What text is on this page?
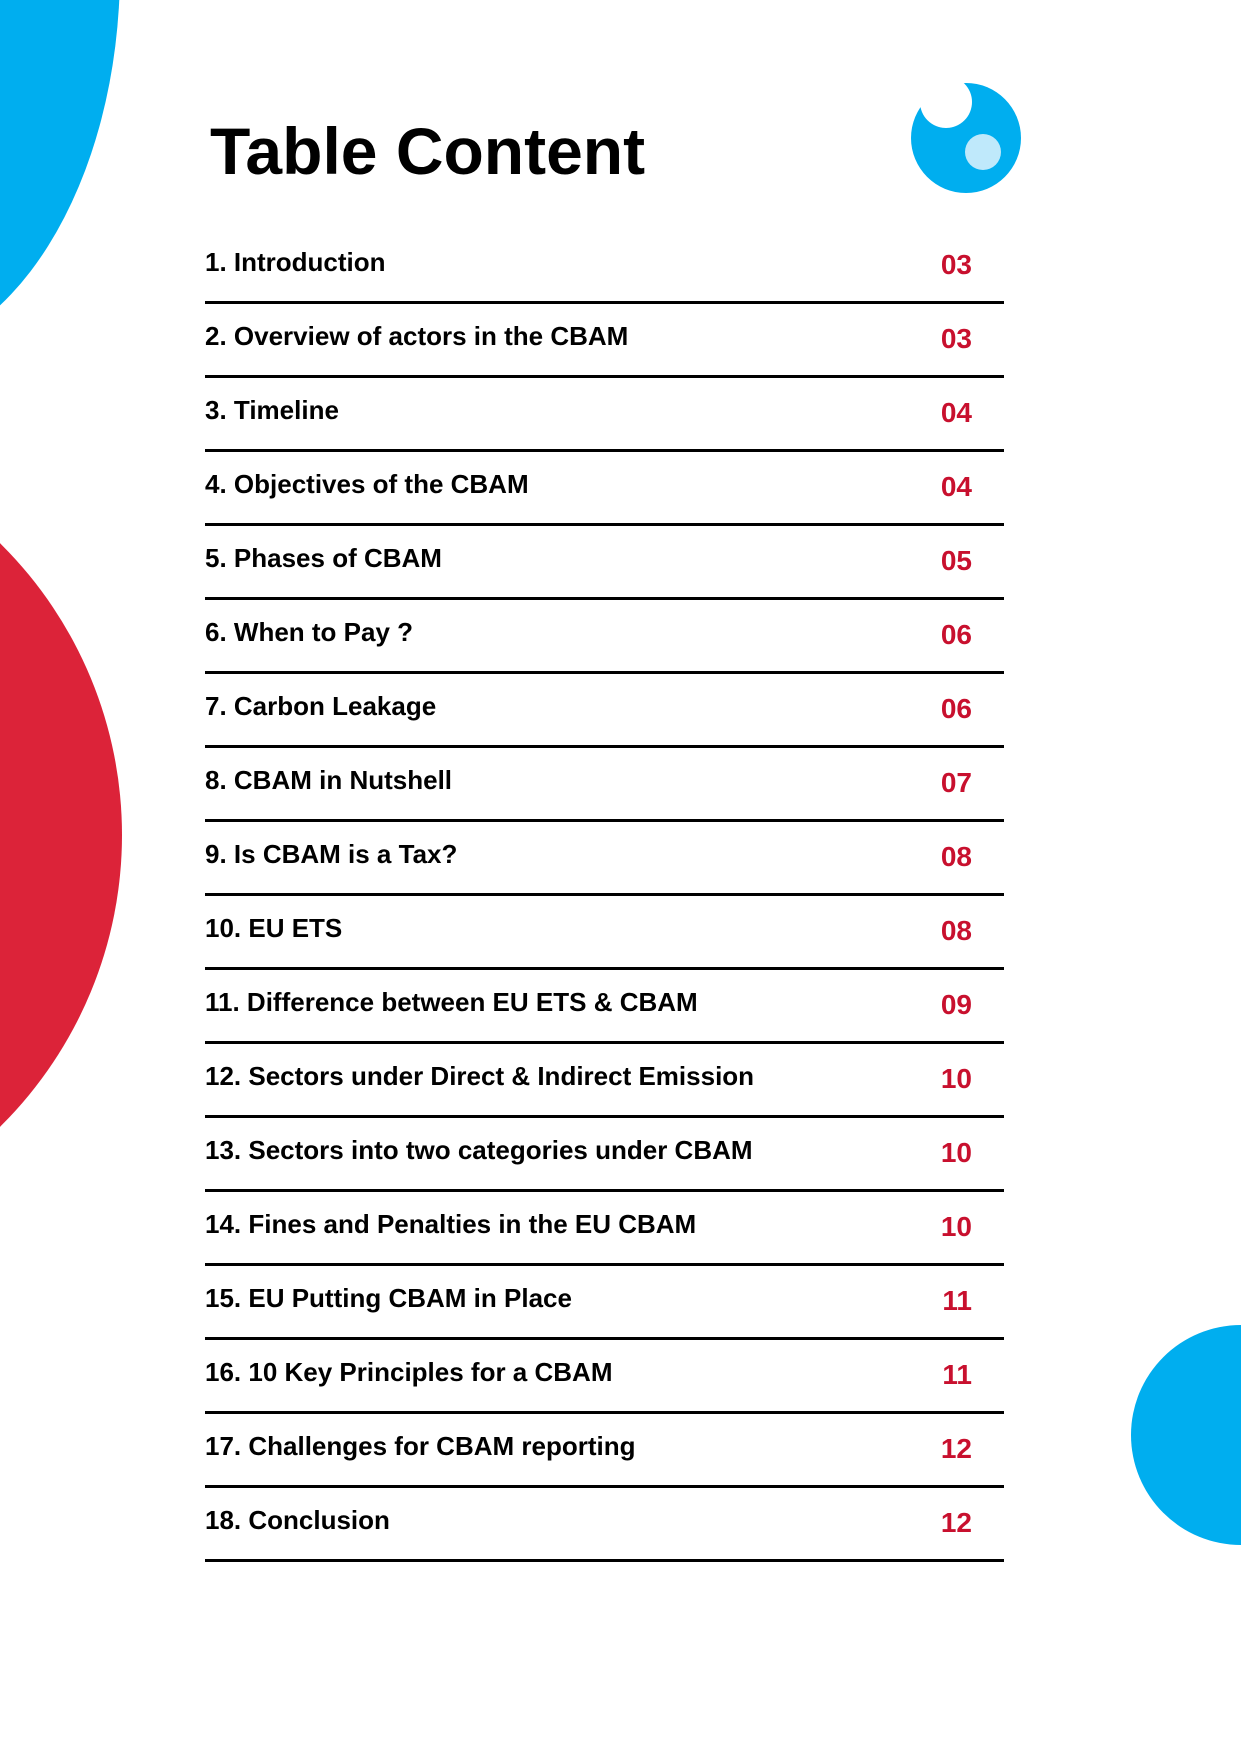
Table Content
1. Introduction	03
2. Overview of actors in the CBAM	03
3. Timeline	04
4. Objectives of the CBAM	04
5. Phases of CBAM	05
6. When to Pay ?	06
7. Carbon Leakage	06
8. CBAM in Nutshell	07
9. Is CBAM is a Tax?	08
10. EU ETS	08
11. Difference between EU ETS & CBAM	09
12. Sectors under Direct & Indirect Emission	10
13. Sectors into two categories under CBAM	10
14. Fines and Penalties in the EU CBAM	10
15. EU Putting CBAM in Place	11
16. 10 Key Principles for a CBAM	11
17. Challenges for CBAM reporting	12
18. Conclusion	12
